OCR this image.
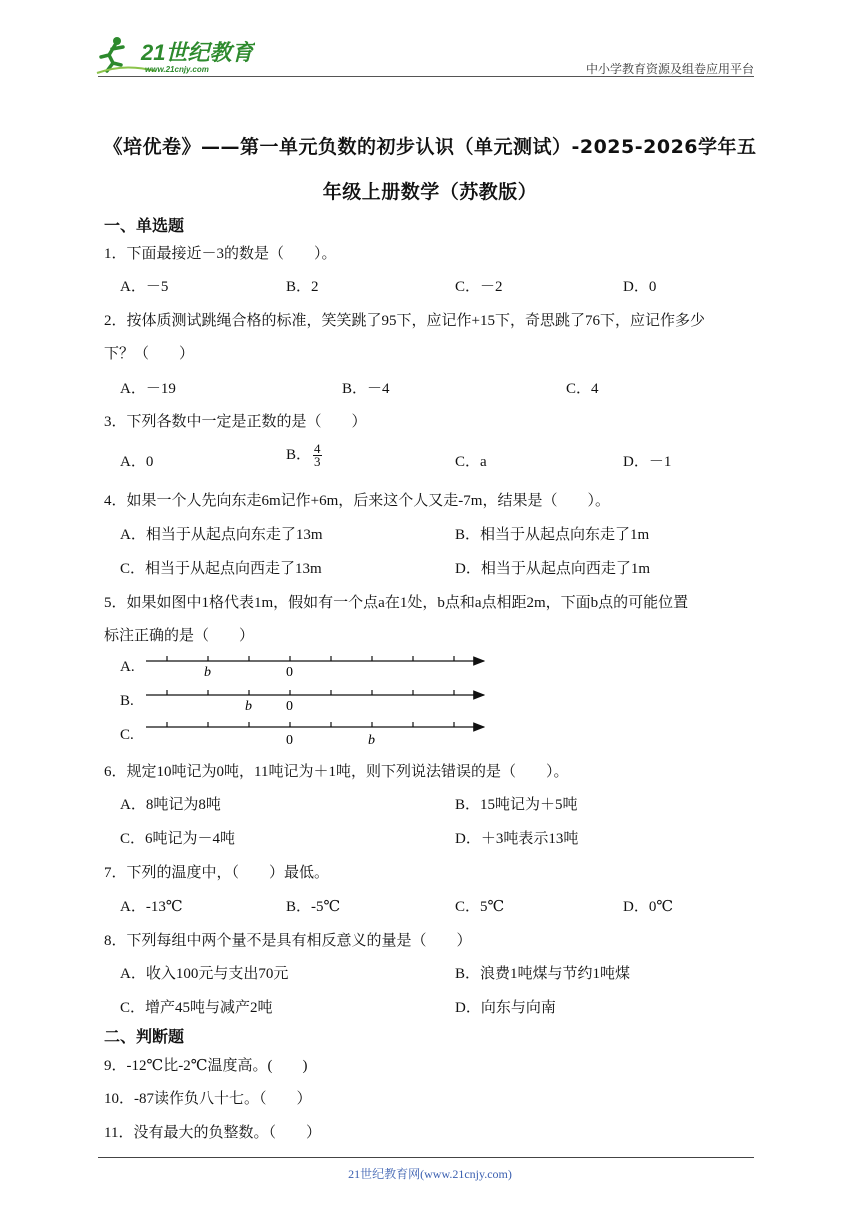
21世纪教育
www.21cnjy.com	中小学教育资源及组卷应用平台
《培优卷》——第一单元负数的初步认识（单元测试）-2025-2026学年五
年级上册数学（苏教版）
一、单选题
1．下面最接近－3的数是（　　）。
A．－5	B．2	C．－2	D．0
2．按体质测试跳绳合格的标准，笑笑跳了95下，应记作+15下，奇思跳了76下，应记作多少
下？（　　）
A．－19	B．－4	C．4
3．下列各数中一定是正数的是（　　）
A．0	B． $\frac{4}{3}$	C．a	D．－1
4．如果一个人先向东走6m记作+6m，后来这个人又走-7m，结果是（　　）。
A．相当于从起点向东走了13m	B．相当于从起点向东走了1m
C．相当于从起点向西走了13m	D．相当于从起点向西走了1m
5．如果如图中1格代表1m，假如有一个点a在1处，b点和a点相距2m，下面b点的可能位置
标注正确的是（　　）
A.
B.
C.
b	0
b 0
0	b
6．规定10吨记为0吨，11吨记为＋1吨，则下列说法错误的是（　　）。
A．8吨记为8吨	B．15吨记为＋5吨
C．6吨记为－4吨	D．＋3吨表示13吨
7．下列的温度中，（　　）最低。
A．-13℃	B．-5℃	C．5℃	D．0℃
8．下列每组中两个量不是具有相反意义的量是（　　）
A．收入100元与支出70元	B．浪费1吨煤与节约1吨煤
C．增产45吨与减产2吨	D．向东与向南
二、判断题
9．-12℃比-2℃温度高。(　　)
10．-87读作负八十七。（　　）
11．没有最大的负整数。（　　）
21世纪教育网(www.21cnjy.com)
